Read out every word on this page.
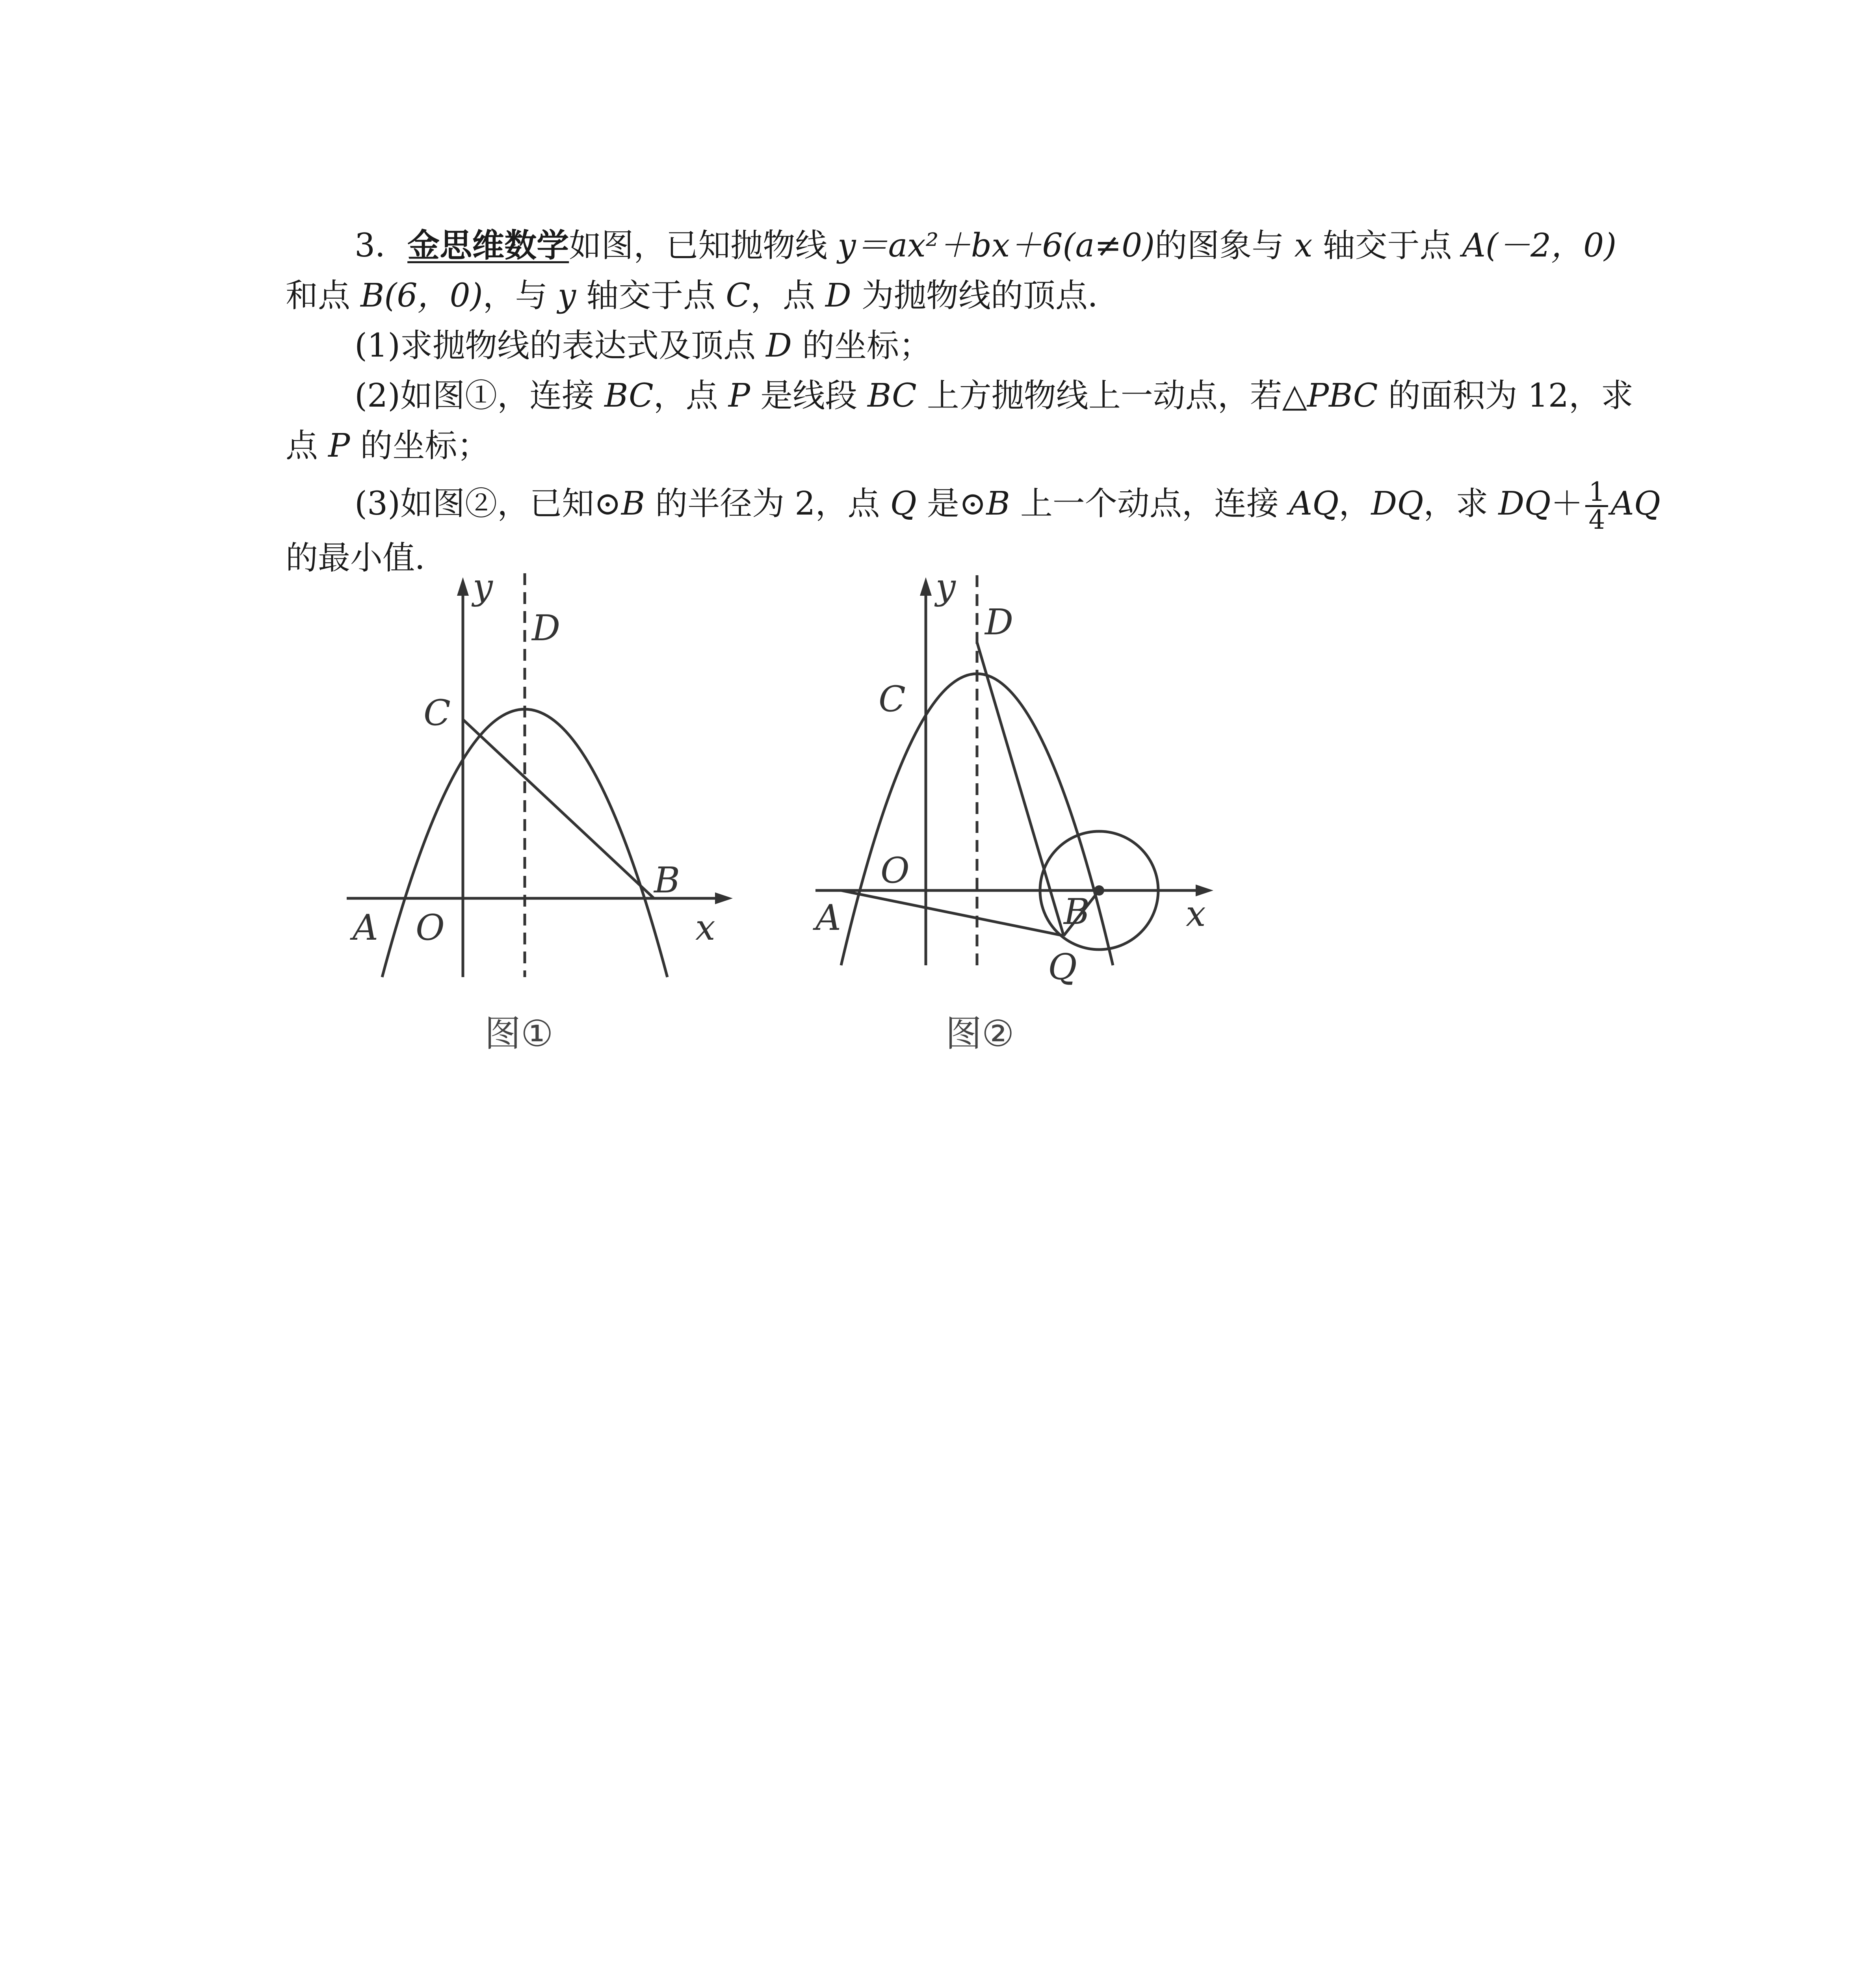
3．金思维数学如图，已知抛物线 y＝ax²＋bx＋6(a≠0)的图象与 x 轴交于点 A(－2，0)
和点 B(6，0)，与 y 轴交于点 C，点 D 为抛物线的顶点．
(1)求抛物线的表达式及顶点 D 的坐标；
(2)如图①，连接 BC，点 P 是线段 BC 上方抛物线上一动点，若△PBC 的面积为 12，求
点 P 的坐标；
(3)如图②，已知⊙B 的半径为 2，点 Q 是⊙B 上一个动点，连接 AQ，DQ，求 $DQ+ \frac{1}{4}$ AQ
的最小值．
y
D
C
B
x
A O
图①
y
D
C
O
A	B
Q
x
图②
